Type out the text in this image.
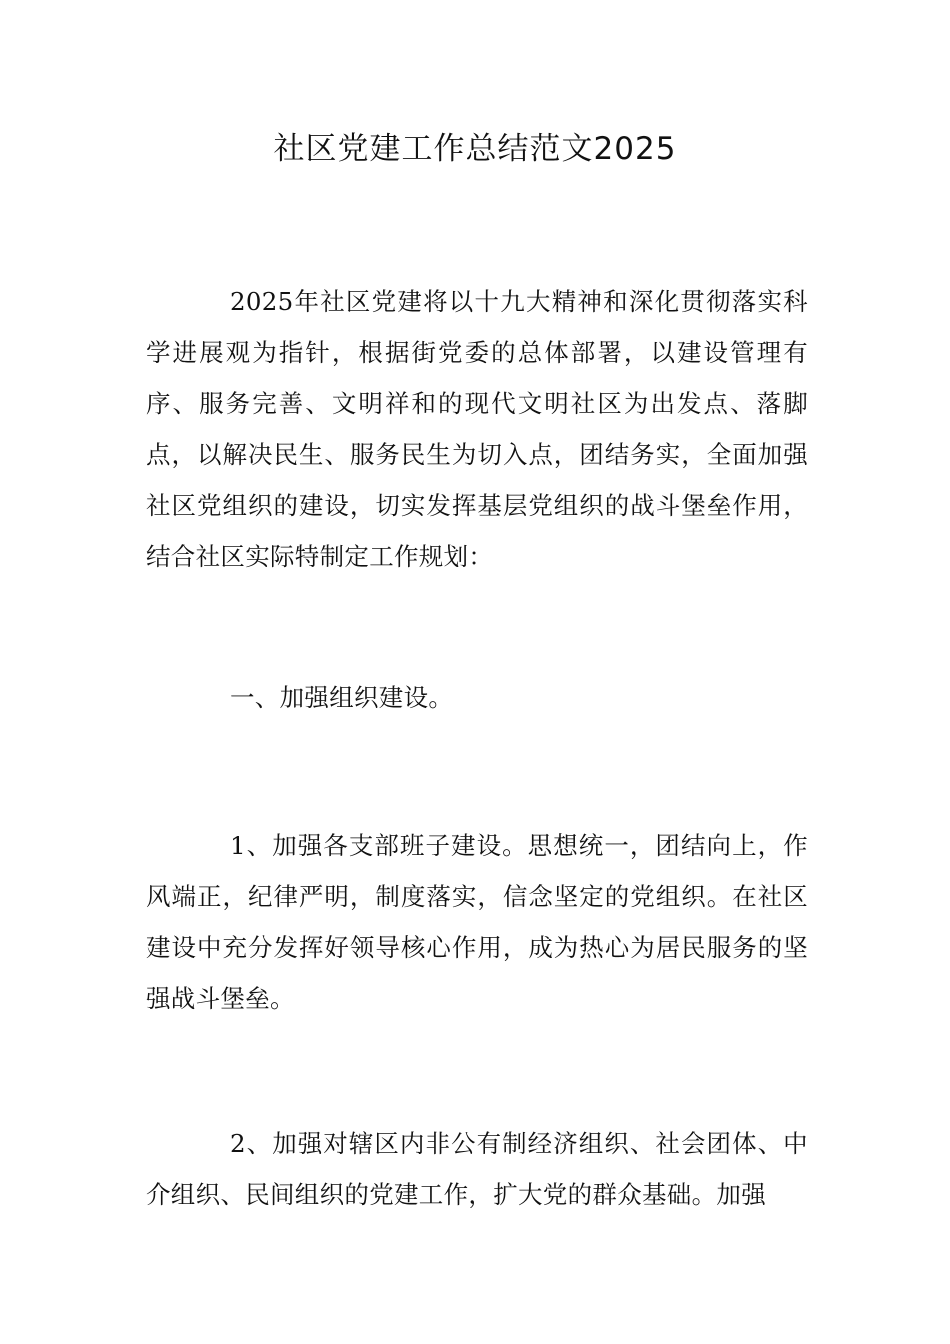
社区党建工作总结范文2025

2025年社区党建将以十九大精神和深化贯彻落实科学进展观为指针，根据街党委的总体部署，以建设管理有序、服务完善、文明祥和的现代文明社区为出发点、落脚点，以解决民生、服务民生为切入点，团结务实，全面加强社区党组织的建设，切实发挥基层党组织的战斗堡垒作用，结合社区实际特制定工作规划：

一、加强组织建设。

1、加强各支部班子建设。思想统一，团结向上，作风端正，纪律严明，制度落实，信念坚定的党组织。在社区建设中充分发挥好领导核心作用，成为热心为居民服务的坚强战斗堡垒。

2、加强对辖区内非公有制经济组织、社会团体、中介组织、民间组织的党建工作，扩大党的群众基础。加强
